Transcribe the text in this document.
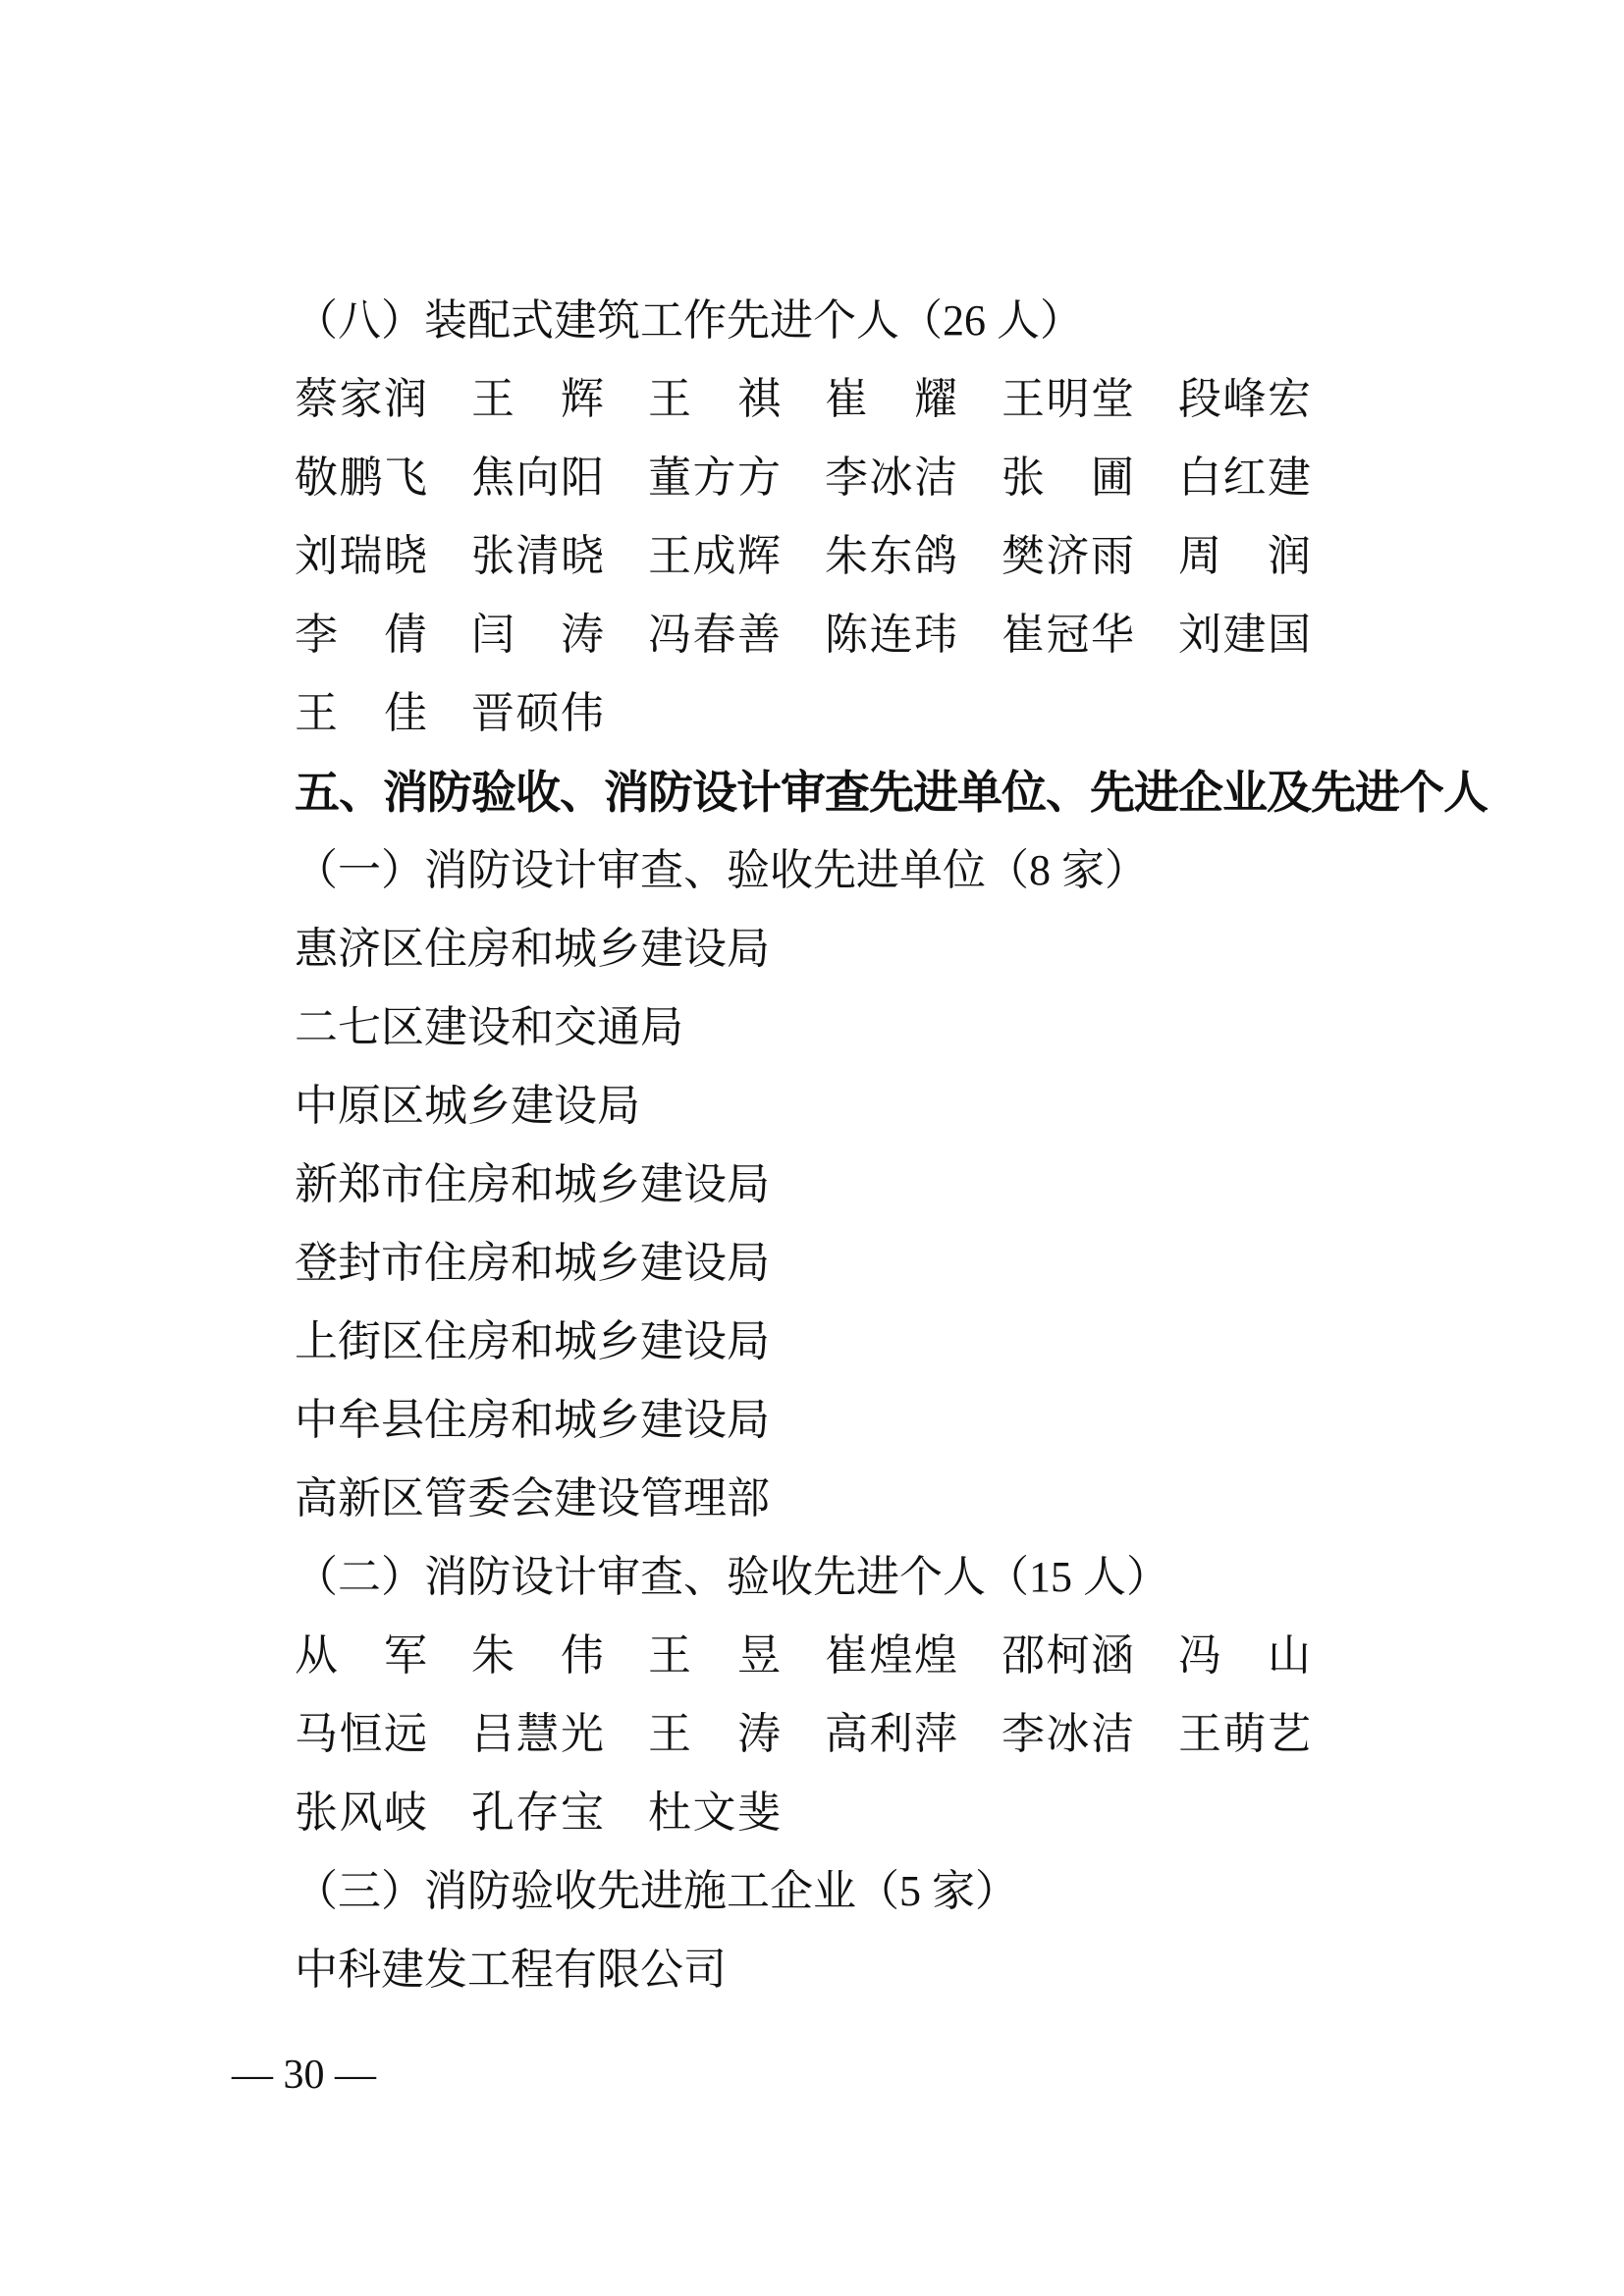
（八）装配式建筑工作先进个人（26 人）
蔡家润 王辉 王祺 崔耀 王明堂 段峰宏
敬鹏飞 焦向阳 董方方 李冰洁 张圃 白红建
刘瑞晓 张清晓 王成辉 朱东鸽 樊济雨 周润
李倩 闫涛 冯春善 陈连玮 崔冠华 刘建国
王佳 晋硕伟
五、消防验收、消防设计审查先进单位、先进企业及先进个人
（一）消防设计审查、验收先进单位（8 家）
惠济区住房和城乡建设局
二七区建设和交通局
中原区城乡建设局
新郑市住房和城乡建设局
登封市住房和城乡建设局
上街区住房和城乡建设局
中牟县住房和城乡建设局
高新区管委会建设管理部
（二）消防设计审查、验收先进个人（15 人）
从军 朱伟 王昱 崔煌煌 邵柯涵 冯山
马恒远 吕慧光 王涛 高利萍 李冰洁 王萌艺
张风岐 孔存宝 杜文斐
（三）消防验收先进施工企业（5 家）
中科建发工程有限公司
— 30 —
